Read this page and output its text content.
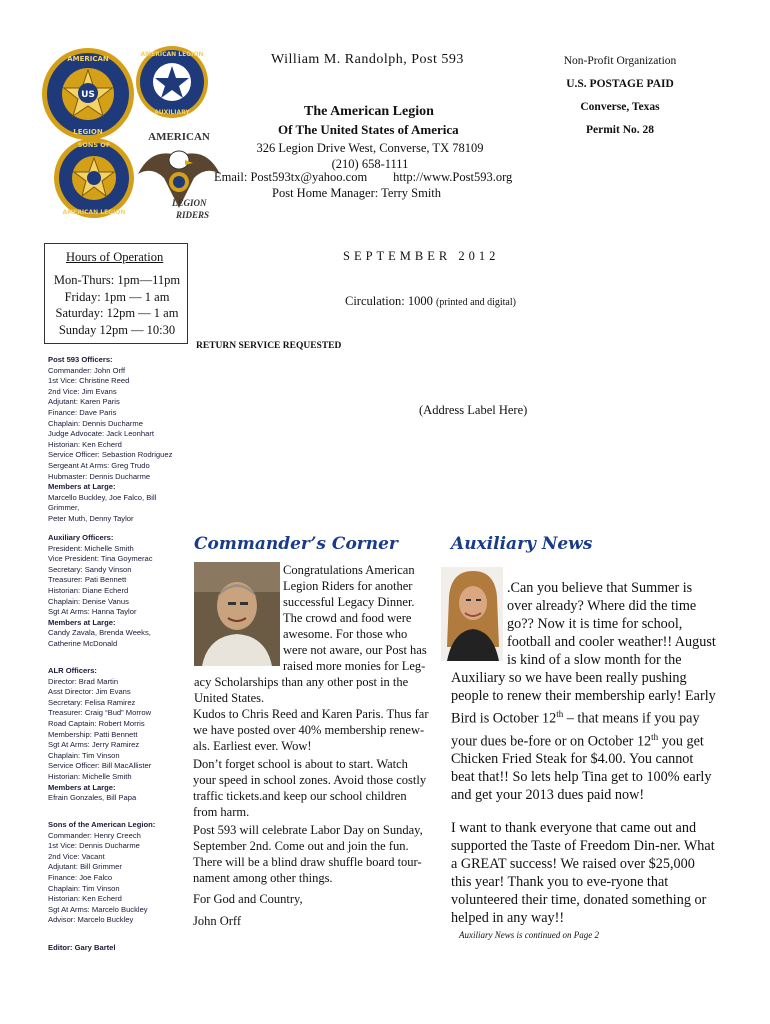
US
AMERICAN
LEGION
AMERICAN LEGION
AUXILIARY
SONS OF
AMERICAN LEGION
AMERICAN
LEGION
RIDERS
William M. Randolph, Post 593
The American Legion
Of The United States of America
326 Legion Drive West, Converse, TX 78109
(210) 658-1111
Email: Post593tx@yahoo.com http://www.Post593.org
Post Home Manager: Terry Smith
Non-Profit Organization
U.S. POSTAGE PAID
Converse, Texas
Permit No. 28
Hours of Operation
Mon-Thurs: 1pm—11pm
Friday: 1pm — 1 am
Saturday: 12pm — 1 am
Sunday 12pm — 10:30
SEPTEMBER 2012
Circulation: 1000 (printed and digital)
RETURN SERVICE REQUESTED
(Address Label Here)
Post 593 Officers:
Commander: John Orff
1st Vice: Christine Reed
2nd Vice: Jim Evans
Adjutant: Karen Paris
Finance: Dave Paris
Chaplain: Dennis Ducharme
Judge Advocate: Jack Leonhart
Historian: Ken Echerd
Service Officer: Sebastion Rodriguez
Sergeant At Arms: Greg Trudo
Hubmaster: Dennis Ducharme
Members at Large:
Marcello Buckley, Joe Falco, Bill Grimmer,
Peter Muth, Denny Taylor
Auxiliary Officers:
President: Michelle Smith
Vice President: Tina Goymerac
Secretary: Sandy Vinson
Treasurer: Pati Bennett
Historian: Diane Echerd
Chaplain: Denise Vanus
Sgt At Arms: Hanna Taylor
Members at Large:
Candy Zavala, Brenda Weeks,
Catherine McDonald
ALR Officers:
Director: Brad Martin
Asst Director: Jim Evans
Secretary: Felisa Ramirez
Treasurer: Craig “Bud” Morrow
Road Captain: Robert Morris
Membership: Patti Bennett
Sgt At Arms: Jerry Ramirez
Chaplain: Tim Vinson
Service Officer: Bill MacAllister
Historian: Michelle Smith
Members at Large:
Efrain Gonzales, Bill Papa
Sons of the American Legion:
Commander: Henry Creech
1st Vice: Dennis Ducharme
2nd Vice: Vacant
Adjutant: Bill Grimmer
Finance: Joe Falco
Chaplain: Tim Vinson
Historian: Ken Echerd
Sgt At Arms: Marcelo Buckley
Advisor: Marcelo Buckley
Editor: Gary Bartel
Commander’s Corner
Congratulations American Legion Riders for another successful Legacy Dinner. The crowd and food were awesome. For those who were not aware, our Post has raised more monies for Leg-acy Scholarships than any other post in the United States.
Kudos to Chris Reed and Karen Paris. Thus far we have posted over 40% membership renew-als. Earliest ever. Wow!
Don’t forget school is about to start. Watch your speed in school zones. Avoid those costly traffic tickets.and keep our school children from harm.
Post 593 will celebrate Labor Day on Sunday, September 2nd. Come out and join the fun. There will be a blind draw shuffle board tour-nament among other things.
For God and Country,
John Orff
Auxiliary News
.Can you believe that Summer is over already? Where did the time go?? Now it is time for school, football and cooler weather!! August is kind of a slow month for the Auxiliary so we have been really pushing people to renew their membership early! Early Bird is October 12th – that means if you pay your dues be-fore or on October 12th you get Chicken Fried Steak for $4.00. You cannot beat that!! So lets help Tina get to 100% early and get your 2013 dues paid now!
I want to thank everyone that came out and supported the Taste of Freedom Din-ner. What a GREAT success! We raised over $25,000 this year! Thank you to eve-ryone that volunteered their time, donated something or helped in any way!!
Auxiliary News is continued on Page 2
